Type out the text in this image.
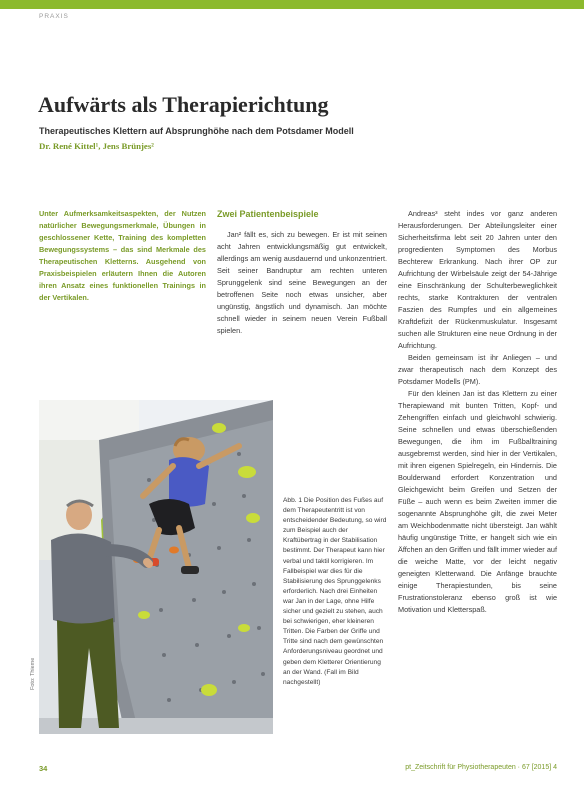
PRAXIS
Aufwärts als Therapierichtung
Therapeutisches Klettern auf Absprunghöhe nach dem Potsdamer Modell
Dr. René Kittel¹, Jens Brünjes²
Unter Aufmerksamkeitsaspekten, der Nutzen natürlicher Bewegungsmerkmale, Übungen in geschlossener Kette, Training des kompletten Bewegungssystems – das sind Merkmale des Therapeutischen Kletterns. Ausgehend von Praxisbeispielen erläutern Ihnen die Autoren ihren Ansatz eines funktionellen Trainings in der Vertikalen.
Zwei Patientenbeispiele

Jan² fällt es, sich zu bewegen. Er ist mit seinen acht Jahren entwicklungsmäßig gut entwickelt, allerdings am wenig ausdauernd und unkonzentriert. Seit seiner Bandruptur am rechten unteren Sprunggelenk sind seine Bewegungen an der betroffenen Seite noch etwas unsicher, aber ungünstig, ängstlich und dynamisch. Jan möchte schnell wieder in seinem neuen Verein Fußball spielen.

Andreas³ steht indes vor ganz anderen Herausforderungen. Der Abteilungsleiter einer Sicherheitsfirma lebt seit 20 Jahren unter den progredienten Symptomen des Morbus Bechterew Erkrankung. Nach ihrer OP zur Aufrichtung der Wirbelsäule zeigt der 54-Jährige eine Einschränkung der Schulterbeweglichkeit rechts, starke Kontrakturen der ventralen Faszien des Rumpfes und ein allgemeines Kraftdefizit der Rückenmuskulatur. Insgesamt suchen alle Strukturen eine neue Ordnung in der Aufrichtung.

Beiden gemeinsam ist ihr Anliegen – und zwar therapeutisch nach dem Konzept des Potsdamer Modells (PM).

Für den kleinen Jan ist das Klettern zu einer Therapiewand mit bunten Tritten, Kopf- und Zehengriffen einfach und gleichwohl schwierig. Seine schnellen und etwas überschießenden Bewegungen, die ihm im Fußballtraining ausgebremst werden, sind hier in der Vertikalen, mit ihren eigenen Spielregeln, ein Hindernis. Die Boulderwand erfordert Konzentration und Gleichgewicht beim Greifen und Setzen der Füße – auch wenn es beim Zweiten immer die sogenannte Absprunghöhe gilt, die zwei Meter am Weichbodenmatte nicht übersteigt. Jan wählt häufig ungünstige Tritte, er hangelt sich wie ein Äffchen an den Griffen und fällt immer wieder auf die weiche Matte, vor der leicht negativ geneigten Kletterwand. Die Anfänge brauchte einige Therapiestunden, bis seine Frustrationstoleranz ebenso groß ist wie Motivation und Kletterspaß.

Foto: Thieme
Abb. 1 Die Position des Fußes auf dem Therapeutentritt ist von entscheidender Bedeutung, so wird zum Beispiel auch der Kraftübertrag in der Stabilisation bestimmt. Der Therapeut kann hier verbal und taktil korrigieren. Im Fallbeispiel war dies für die Stabilisierung des Sprunggelenks erforderlich. Nach drei Einheiten war Jan in der Lage, ohne Hilfe sicher und gezielt zu stehen, auch bei schwierigen, eher kleineren Tritten. Die Farben der Griffe und Tritte sind nach dem gewünschten Anforderungsniveau geordnet und geben dem Kletterer Orientierung an der Wand. (Fall im Bild nachgestellt)
34	pt_Zeitschrift für Physiotherapeuten · 67 [2015] 4
